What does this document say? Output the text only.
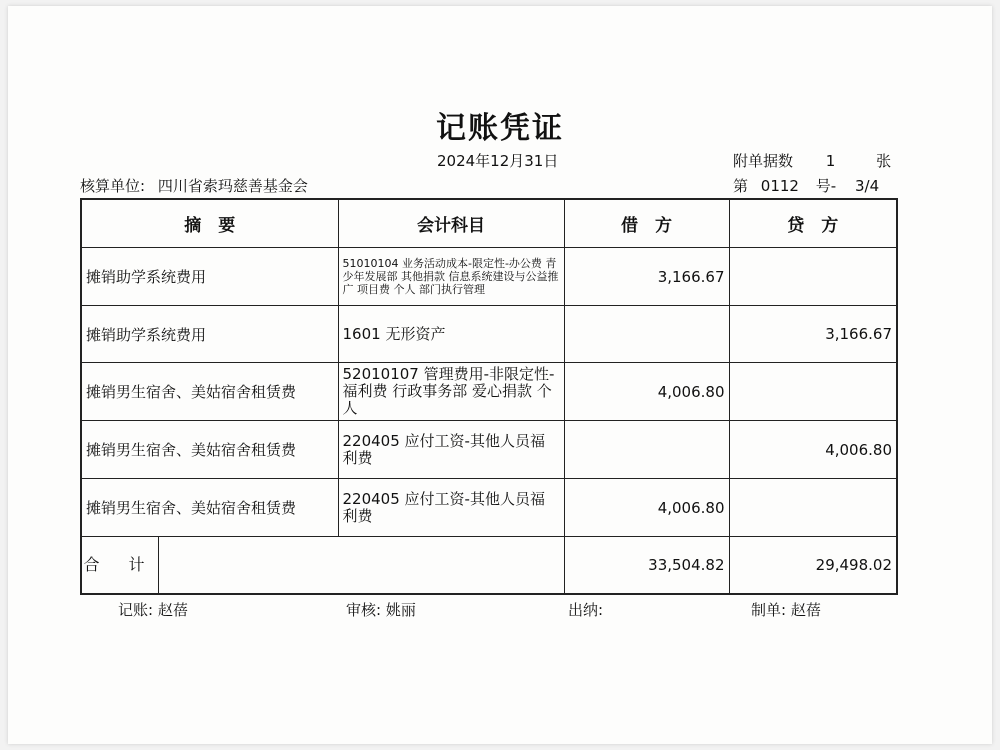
记账凭证
2024年12月31日	附单据数 1	张
核算单位: 四川省索玛慈善基金会	第 0112 号- 3/4
摘　要	会计科目	借　方	贷　方
摊销助学系统费用	51010104 业务活动成本-限定性-办公费 青少年发展部 其他捐款 信息系统建设与公益推广 项目费 个人 部门执行管理	3,166.67	
摊销助学系统费用	1601 无形资产		3,166.67
摊销男生宿舍、美姑宿舍租赁费	52010107 管理费用-非限定性-福利费 行政事务部 爱心捐款 个人	4,006.80	
摊销男生宿舍、美姑宿舍租赁费	220405 应付工资-其他人员福利费		4,006.80
摊销男生宿舍、美姑宿舍租赁费	220405 应付工资-其他人员福利费	4,006.80	

合 计		33,504.82	29,498.02
记账: 赵蓓	审核: 姚丽	出纳:	制单: 赵蓓
